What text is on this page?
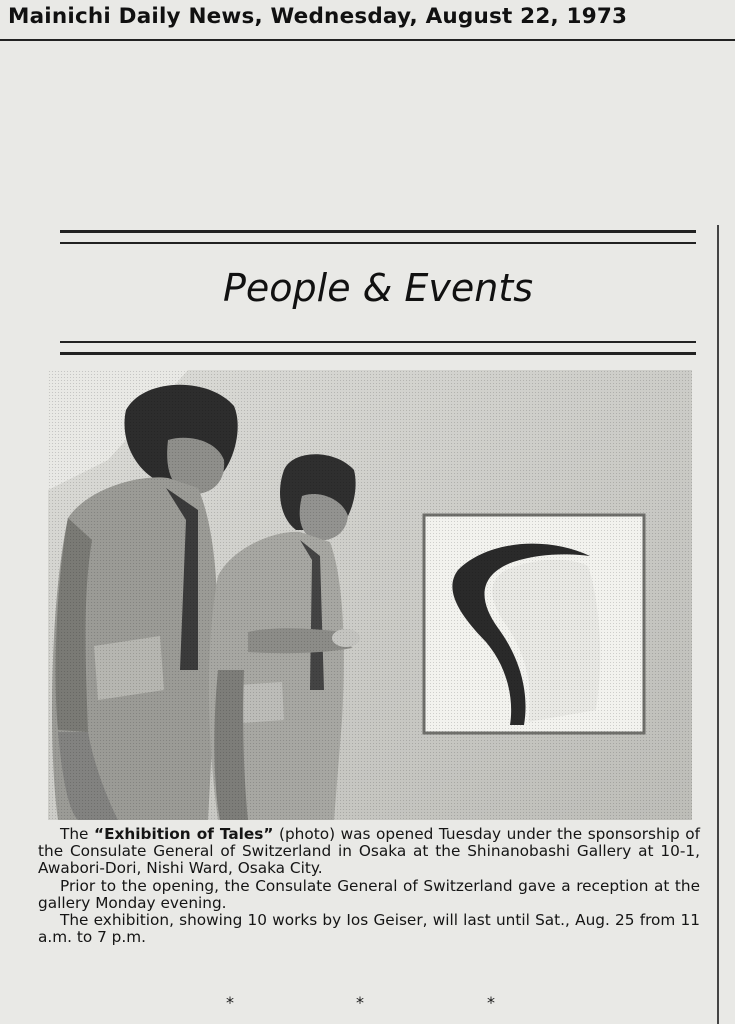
Mainichi Daily News, Wednesday, August 22, 1973
People & Events

The “Exhibition of Tales” (photo) was opened Tuesday under the sponsorship of the Consulate General of Switzerland in Osaka at the Shinanobashi Gallery at 10-1, Awabori-Dori, Nishi Ward, Osaka City.

Prior to the opening, the Consulate General of Switzerland gave a reception at the gallery Monday evening.

The exhibition, showing 10 works by Ios Geiser, will last until Sat., Aug. 25 from 11 a.m. to 7 p.m.

*	*	*
